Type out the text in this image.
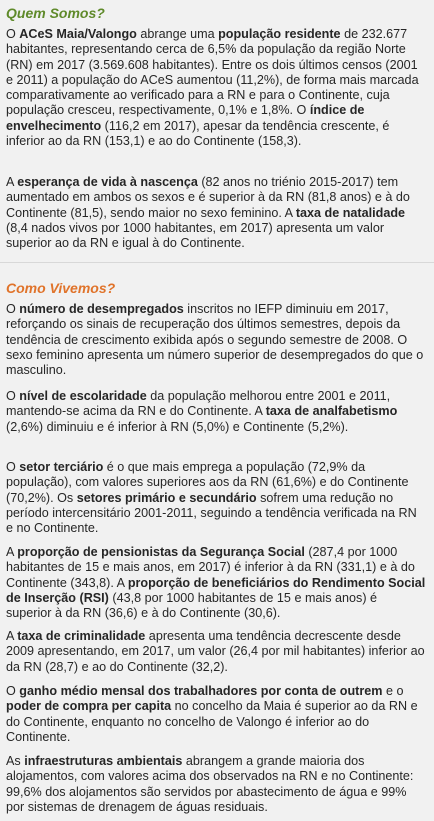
Quem Somos?

O ACeS Maia/Valongo abrange uma população residente de 232.677 habitantes, representando cerca de 6,5% da população da região Norte (RN) em 2017 (3.569.608 habitantes). Entre os dois últimos censos (2001 e 2011) a população do ACeS aumentou (11,2%), de forma mais marcada comparativamente ao verificado para a RN e para o Continente, cuja população cresceu, respectivamente, 0,1% e 1,8%. O índice de envelhecimento (116,2 em 2017), apesar da tendência crescente, é inferior ao da RN (153,1) e ao do Continente (158,3).

A esperança de vida à nascença (82 anos no triénio 2015-2017) tem aumentado em ambos os sexos e é superior à da RN (81,8 anos) e à do Continente (81,5), sendo maior no sexo feminino. A taxa de natalidade (8,4 nados vivos por 1000 habitantes, em 2017) apresenta um valor superior ao da RN e igual à do Continente.

Como Vivemos?

O número de desempregados inscritos no IEFP diminuiu em 2017, reforçando os sinais de recuperação dos últimos semestres, depois da tendência de crescimento exibida após o segundo semestre de 2008. O sexo feminino apresenta um número superior de desempregados do que o masculino.

O nível de escolaridade da população melhorou entre 2001 e 2011, mantendo-se acima da RN e do Continente. A taxa de analfabetismo (2,6%) diminuiu e é inferior à RN (5,0%) e Continente (5,2%).

O setor terciário é o que mais emprega a população (72,9% da população), com valores superiores aos da RN (61,6%) e do Continente (70,2%). Os setores primário e secundário sofrem uma redução no período intercensitário 2001-2011, seguindo a tendência verificada na RN e no Continente.

A proporção de pensionistas da Segurança Social (287,4 por 1000 habitantes de 15 e mais anos, em 2017) é inferior à da RN (331,1) e à do Continente (343,8). A proporção de beneficiários do Rendimento Social de Inserção (RSI) (43,8 por 1000 habitantes de 15 e mais anos) é superior à da RN (36,6) e à do Continente (30,6).

A taxa de criminalidade apresenta uma tendência decrescente desde 2009 apresentando, em 2017, um valor (26,4 por mil habitantes) inferior ao da RN (28,7) e ao do Continente (32,2).

O ganho médio mensal dos trabalhadores por conta de outrem e o poder de compra per capita no concelho da Maia é superior ao da RN e do Continente, enquanto no concelho de Valongo é inferior ao do Continente.

As infraestruturas ambientais abrangem a grande maioria dos alojamentos, com valores acima dos observados na RN e no Continente: 99,6% dos alojamentos são servidos por abastecimento de água e 99% por sistemas de drenagem de águas residuais.
